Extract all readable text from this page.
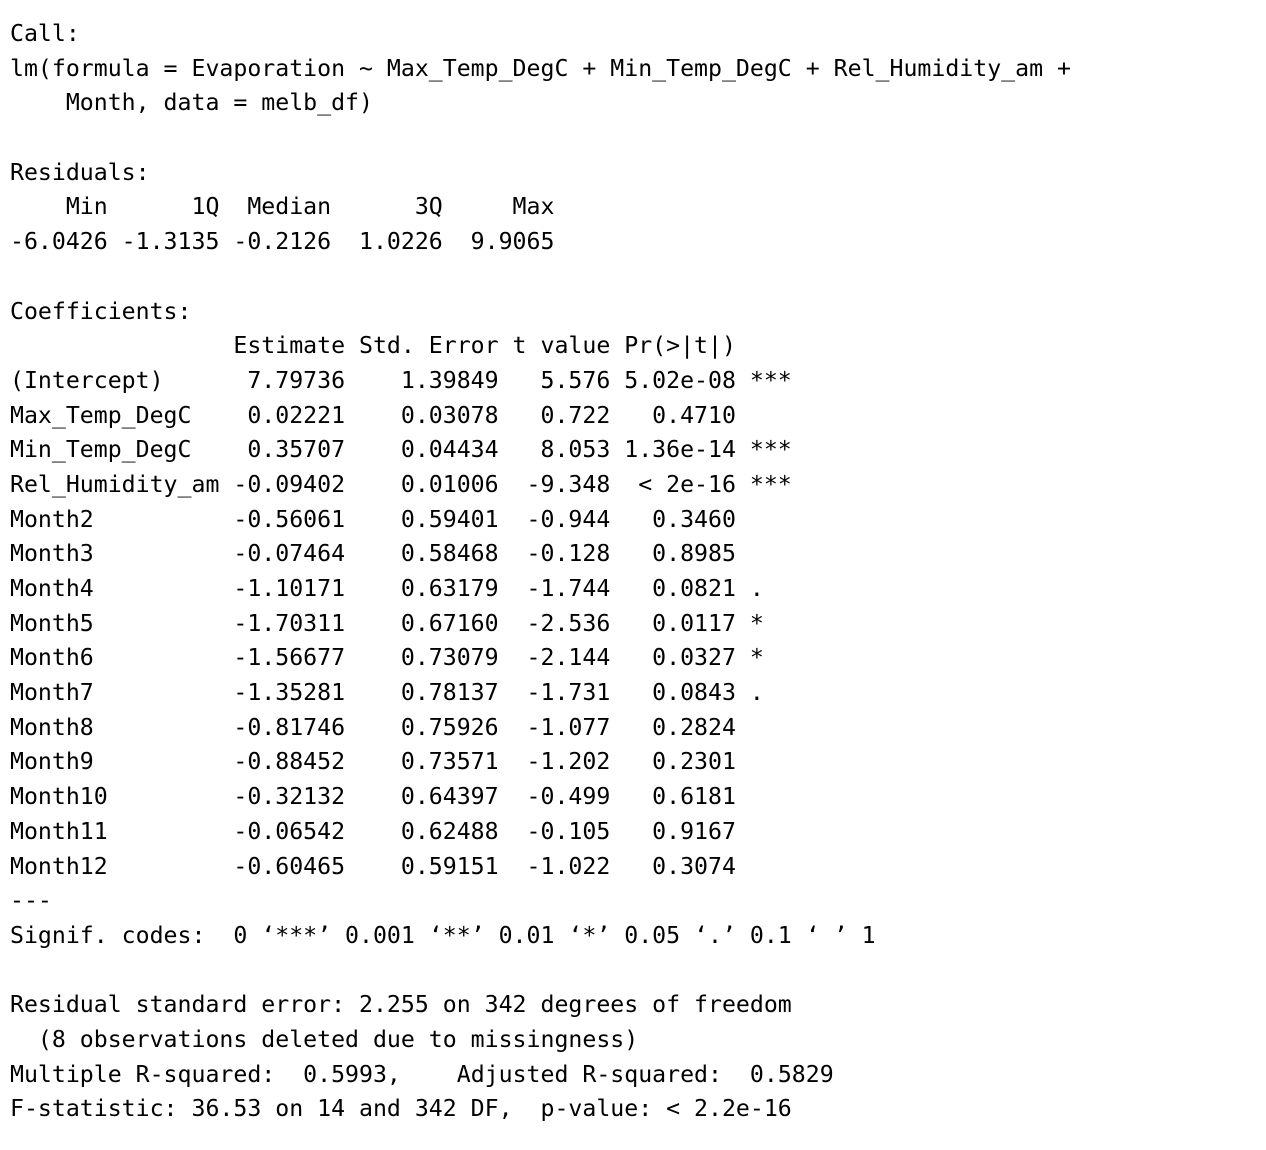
Call:
lm(formula = Evaporation ~ Max_Temp_DegC + Min_Temp_DegC + Rel_Humidity_am +
Month, data = melb_df)
Residuals:
Min      1Q  Median      3Q     Max
-6.0426 -1.3135 -0.2126  1.0226  9.9065
Coefficients:
Estimate Std. Error t value Pr(>|t|)
(Intercept)      7.79736    1.39849   5.576 5.02e-08 ***
Max_Temp_DegC    0.02221    0.03078   0.722   0.4710
Min_Temp_DegC    0.35707    0.04434   8.053 1.36e-14 ***
Rel_Humidity_am -0.09402    0.01006  -9.348  < 2e-16 ***
Month2          -0.56061    0.59401  -0.944   0.3460
Month3          -0.07464    0.58468  -0.128   0.8985
Month4          -1.10171    0.63179  -1.744   0.0821 .
Month5          -1.70311    0.67160  -2.536   0.0117 *
Month6          -1.56677    0.73079  -2.144   0.0327 *
Month7          -1.35281    0.78137  -1.731   0.0843 .
Month8          -0.81746    0.75926  -1.077   0.2824
Month9          -0.88452    0.73571  -1.202   0.2301
Month10         -0.32132    0.64397  -0.499   0.6181
Month11         -0.06542    0.62488  -0.105   0.9167
Month12         -0.60465    0.59151  -1.022   0.3074
---
Signif. codes:  0 ‘***’ 0.001 ‘**’ 0.01 ‘*’ 0.05 ‘.’ 0.1 ‘ ’ 1
Residual standard error: 2.255 on 342 degrees of freedom
(8 observations deleted due to missingness)
Multiple R-squared:  0.5993,	Adjusted R-squared:  0.5829
F-statistic: 36.53 on 14 and 342 DF,  p-value: < 2.2e-16
